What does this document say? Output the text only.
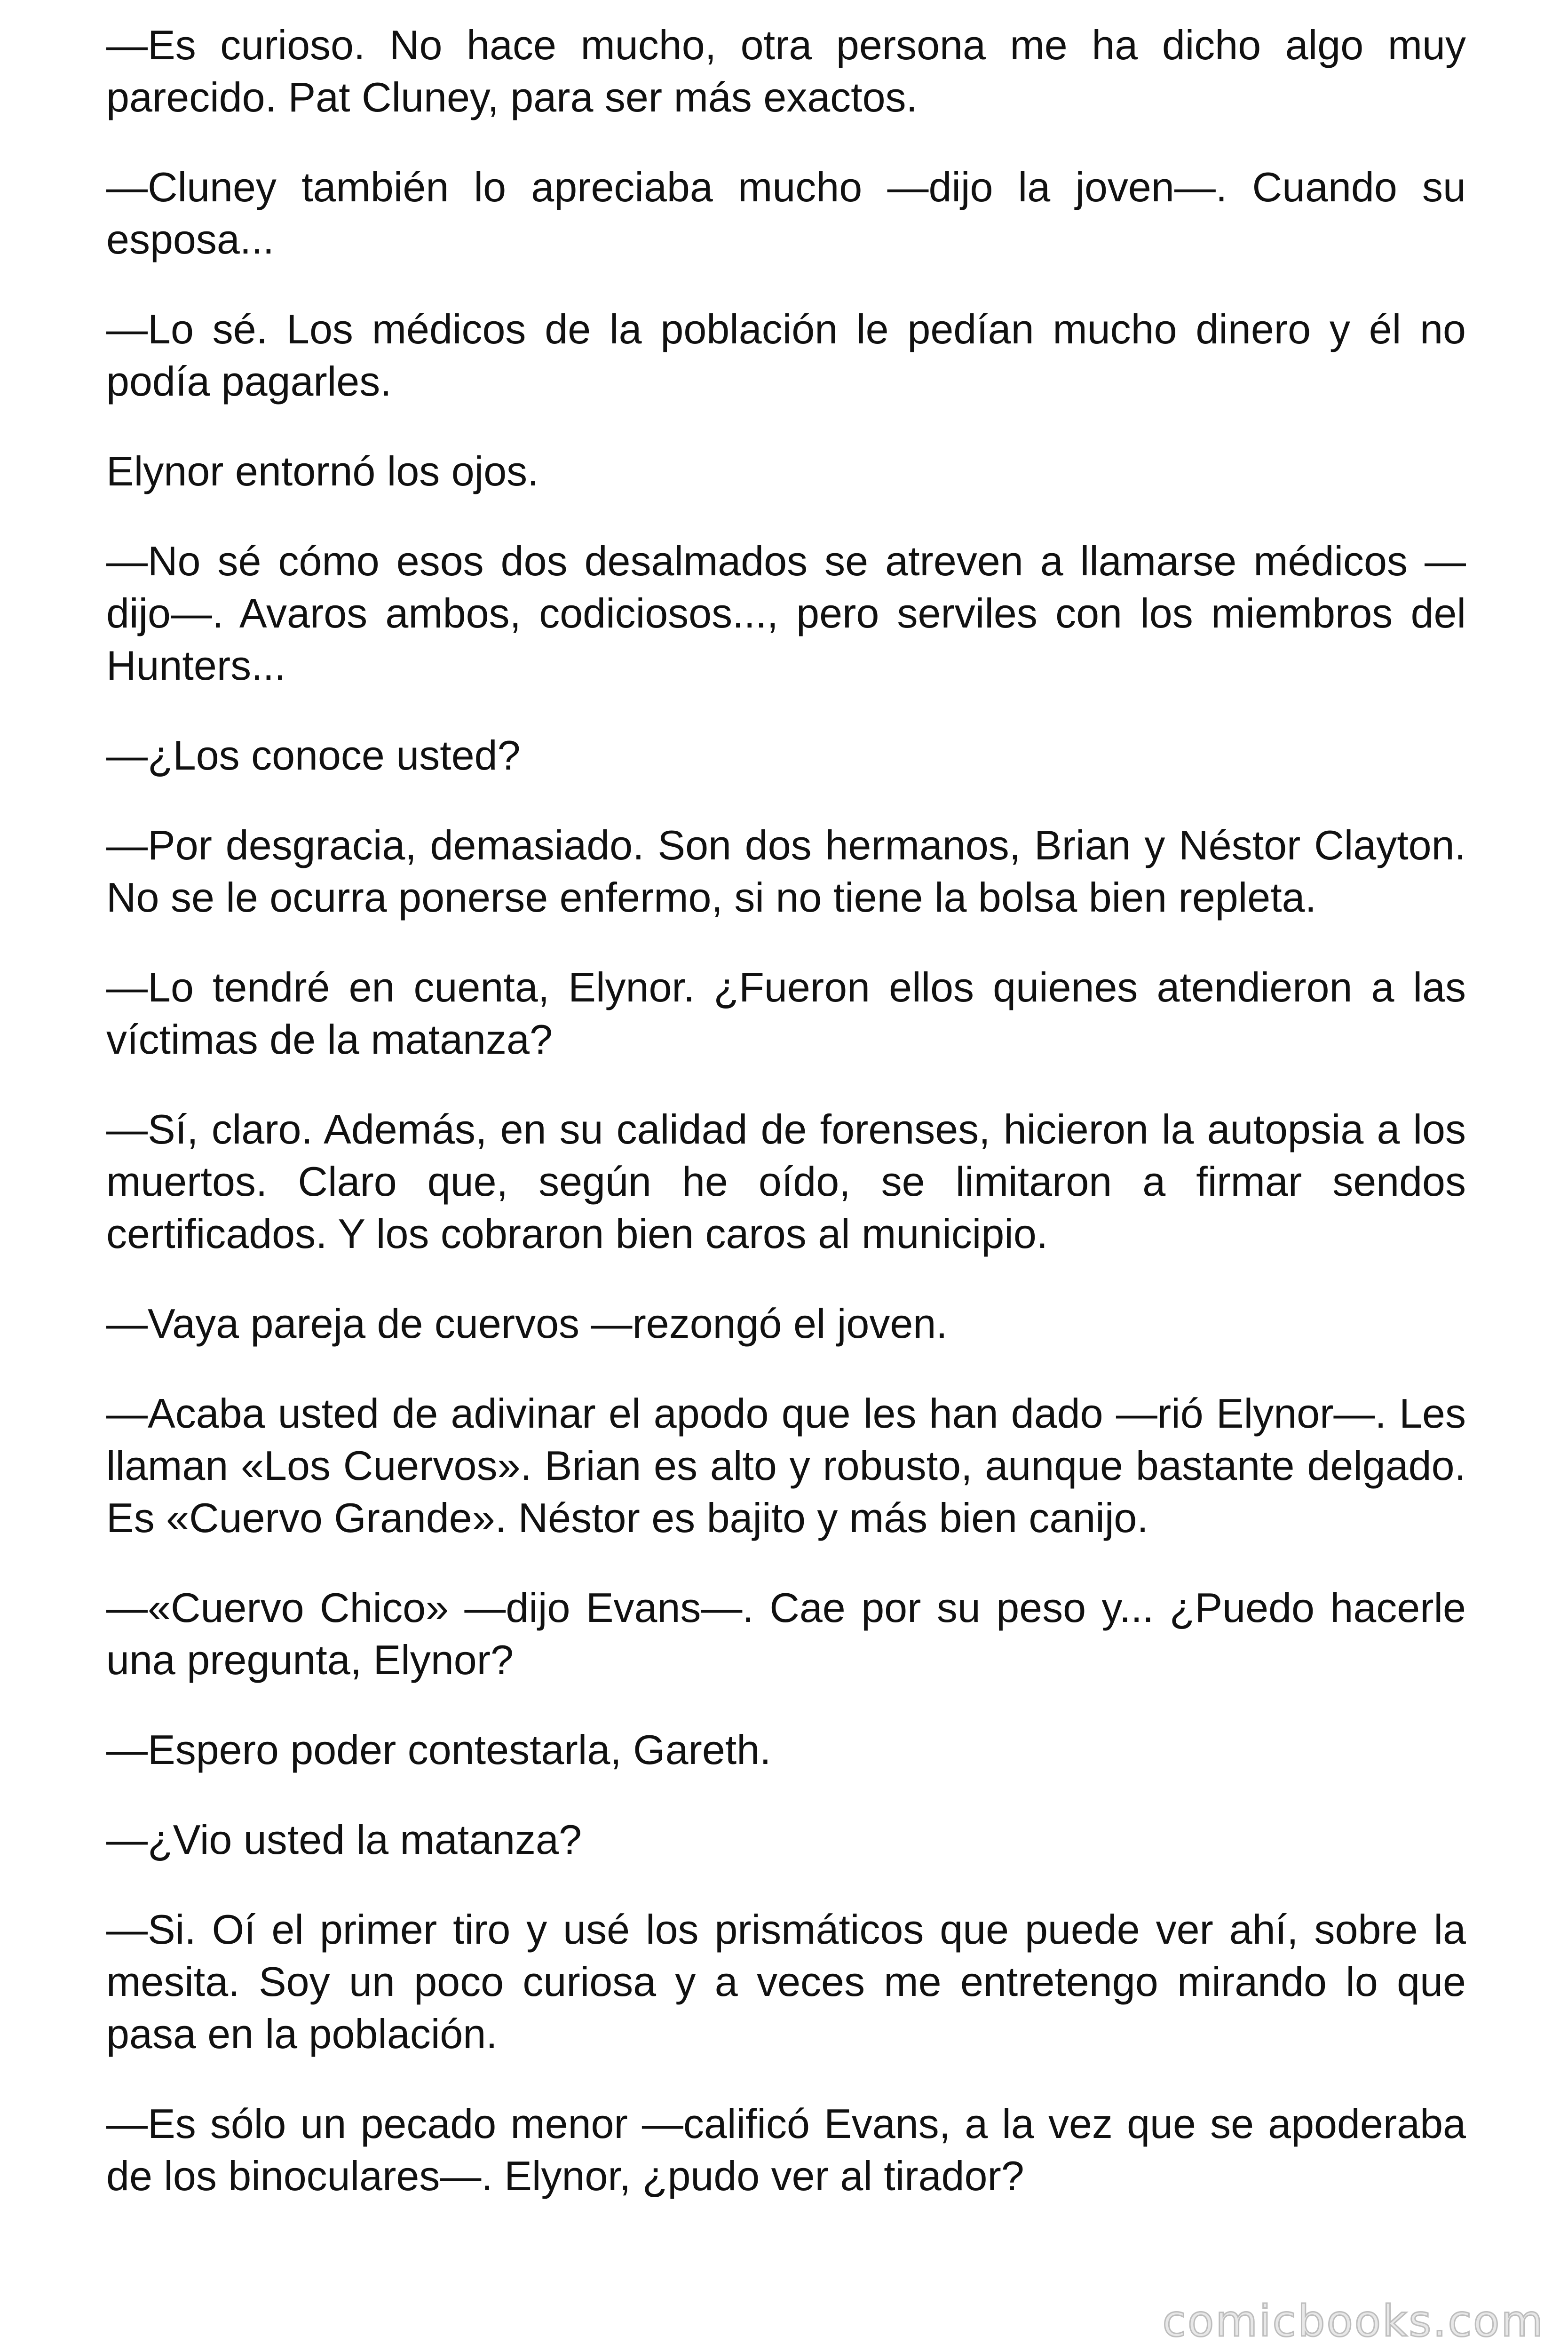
—Es curioso. No hace mucho, otra persona me ha dicho algo muy parecido. Pat Cluney, para ser más exactos.

—Cluney también lo apreciaba mucho —dijo la joven—. Cuando su esposa...

—Lo sé. Los médicos de la población le pedían mucho dinero y él no podía pagarles.

Elynor entornó los ojos.

—No sé cómo esos dos desalmados se atreven a llamarse médicos —dijo—. Avaros ambos, codiciosos..., pero serviles con los miembros del Hunters...

—¿Los conoce usted?

—Por desgracia, demasiado. Son dos hermanos, Brian y Néstor Clayton. No se le ocurra ponerse enfermo, si no tiene la bolsa bien repleta.

—Lo tendré en cuenta, Elynor. ¿Fueron ellos quienes atendieron a las víctimas de la matanza?

—Sí, claro. Además, en su calidad de forenses, hicieron la autopsia a los muertos. Claro que, según he oído, se limitaron a firmar sendos certificados. Y los cobraron bien caros al municipio.

—Vaya pareja de cuervos —rezongó el joven.

—Acaba usted de adivinar el apodo que les han dado —rió Elynor—. Les llaman «Los Cuervos». Brian es alto y robusto, aunque bastante delgado. Es «Cuervo Grande». Néstor es bajito y más bien canijo.

—«Cuervo Chico» —dijo Evans—. Cae por su peso y... ¿Puedo hacerle una pregunta, Elynor?

—Espero poder contestarla, Gareth.

—¿Vio usted la matanza?

—Si. Oí el primer tiro y usé los prismáticos que puede ver ahí, sobre la mesita. Soy un poco curiosa y a veces me entretengo mirando lo que pasa en la población.

—Es sólo un pecado menor —calificó Evans, a la vez que se apoderaba de los binoculares—. Elynor, ¿pudo ver al tirador?

comicbooks.com
